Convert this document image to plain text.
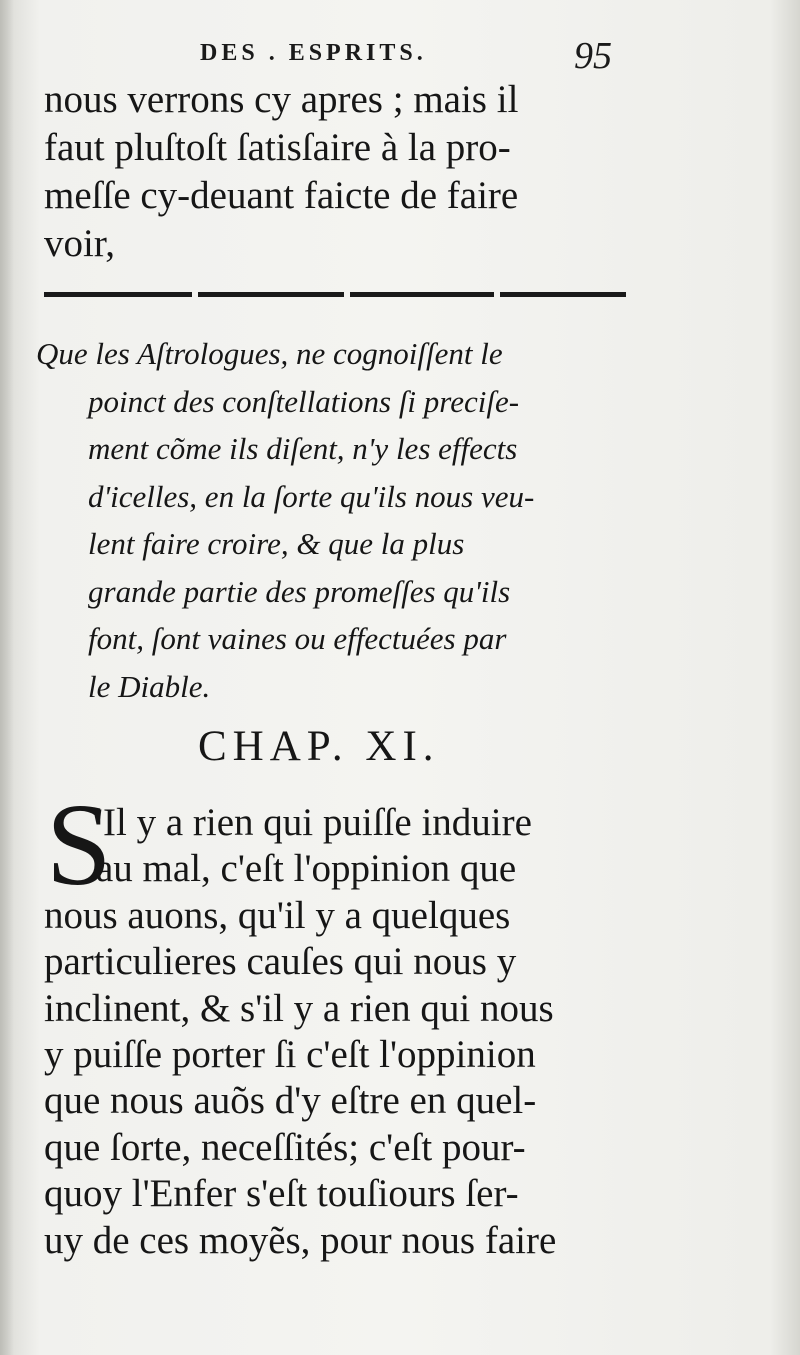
DES . ESPRITS.	95
nous verrons cy apres ; mais il
faut pluſtoſt ſatisſaire à la pro-
meſſe cy-deuant faicte de faire
voir,
Que les Aſtrologues, ne cognoiſſent le
poinct des conſtellations ſi preciſe-
ment cõme ils diſent, n'y les effects
d'icelles, en la ſorte qu'ils nous veu-
lent faire croire, & que la plus
grande partie des promeſſes qu'ils
font, ſont vaines ou effectuées par
le Diable.
CHAP. XI.
S
'Il y a rien qui puiſſe induire
au mal, c'eſt l'oppinion que
nous auons, qu'il y a quelques
particulieres cauſes qui nous y
inclinent, & s'il y a rien qui nous
y puiſſe porter ſi c'eſt l'oppinion
que nous auõs d'y eſtre en quel-
que ſorte, neceſſités; c'eſt pour-
quoy l'Enfer s'eſt touſiours ſer-
uy de ces moyẽs, pour nous faire
